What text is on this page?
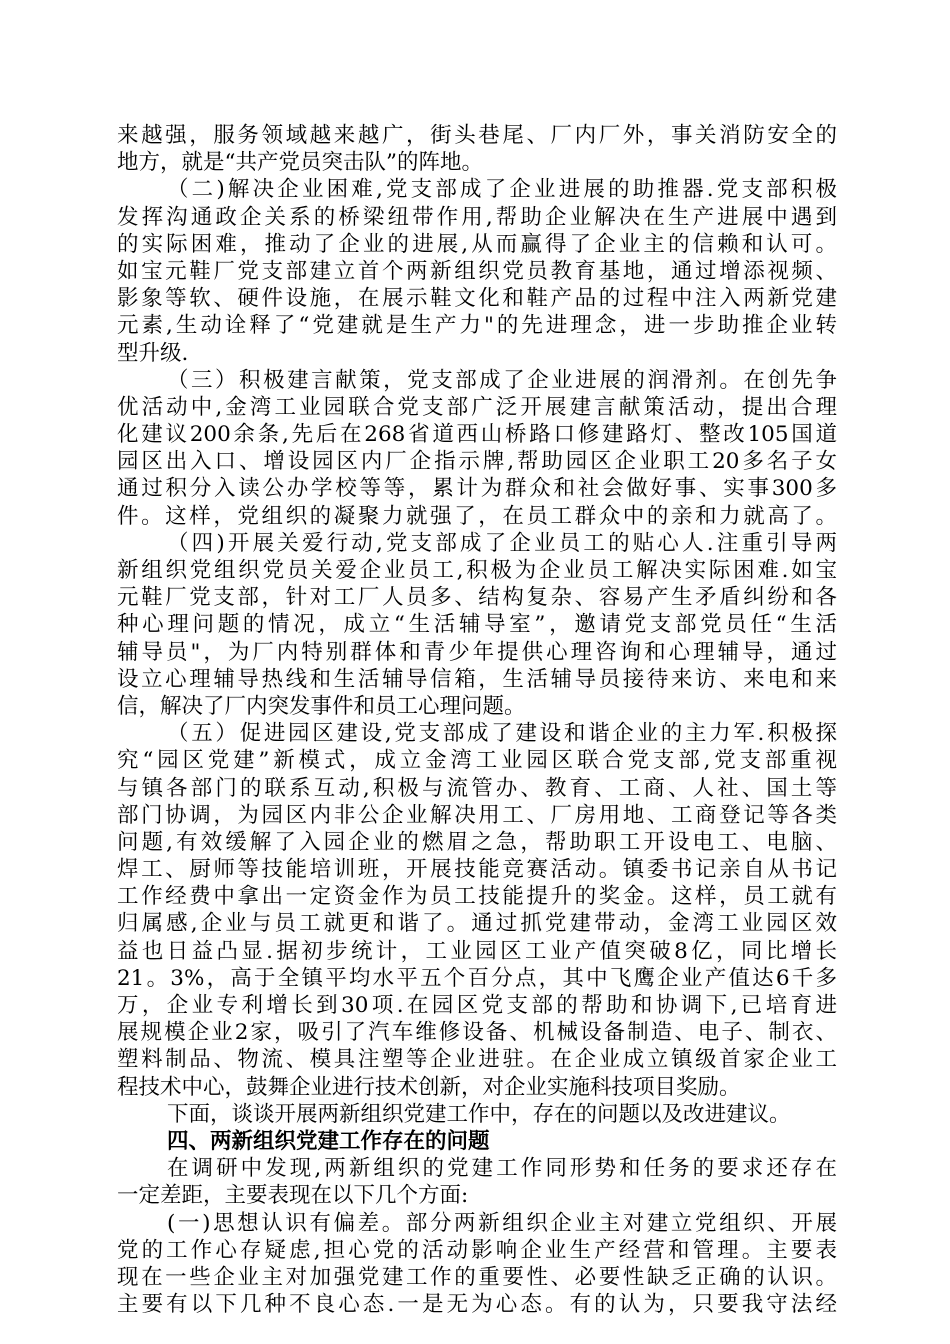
来越强，服务领域越来越广，街头巷尾、厂内厂外，事关消防安全的
地方，就是“共产党员突击队”的阵地。
（二)解决企业困难,党支部成了企业进展的助推器.党支部积极
发挥沟通政企关系的桥梁纽带作用,帮助企业解决在生产进展中遇到
的实际困难，推动了企业的进展,从而赢得了企业主的信赖和认可。
如宝元鞋厂党支部建立首个两新组织党员教育基地，通过增添视频、
影象等软、硬件设施，在展示鞋文化和鞋产品的过程中注入两新党建
元素,生动诠释了“党建就是生产力"的先进理念，进一步助推企业转
型升级.
（三）积极建言献策，党支部成了企业进展的润滑剂。在创先争
优活动中,金湾工业园联合党支部广泛开展建言献策活动，提出合理
化建议200余条,先后在268省道西山桥路口修建路灯、整改105国道
园区出入口、增设园区内厂企指示牌,帮助园区企业职工20多名子女
通过积分入读公办学校等等，累计为群众和社会做好事、实事300多
件。这样，党组织的凝聚力就强了，在员工群众中的亲和力就高了。
（四)开展关爱行动,党支部成了企业员工的贴心人.注重引导两
新组织党组织党员关爱企业员工,积极为企业员工解决实际困难.如宝
元鞋厂党支部，针对工厂人员多、结构复杂、容易产生矛盾纠纷和各
种心理问题的情况，成立“生活辅导室”，邀请党支部党员任“生活
辅导员"，为厂内特别群体和青少年提供心理咨询和心理辅导，通过
设立心理辅导热线和生活辅导信箱，生活辅导员接待来访、来电和来
信，解决了厂内突发事件和员工心理问题。
（五）促进园区建设,党支部成了建设和谐企业的主力军.积极探
究“园区党建”新模式，成立金湾工业园区联合党支部,党支部重视
与镇各部门的联系互动,积极与流管办、教育、工商、人社、国土等
部门协调，为园区内非公企业解决用工、厂房用地、工商登记等各类
问题,有效缓解了入园企业的燃眉之急，帮助职工开设电工、电脑、
焊工、厨师等技能培训班，开展技能竞赛活动。镇委书记亲自从书记
工作经费中拿出一定资金作为员工技能提升的奖金。这样，员工就有
归属感,企业与员工就更和谐了。通过抓党建带动，金湾工业园区效
益也日益凸显.据初步统计，工业园区工业产值突破8亿，同比增长
21。3%，高于全镇平均水平五个百分点，其中飞鹰企业产值达6千多
万，企业专利增长到30项.在园区党支部的帮助和协调下,已培育进
展规模企业2家，吸引了汽车维修设备、机械设备制造、电子、制衣、
塑料制品、物流、模具注塑等企业进驻。在企业成立镇级首家企业工
程技术中心，鼓舞企业进行技术创新，对企业实施科技项目奖励。
下面，谈谈开展两新组织党建工作中，存在的问题以及改进建议。
四、两新组织党建工作存在的问题
在调研中发现,两新组织的党建工作同形势和任务的要求还存在
一定差距，主要表现在以下几个方面:
(一)思想认识有偏差。部分两新组织企业主对建立党组织、开展
党的工作心存疑虑,担心党的活动影响企业生产经营和管理。主要表
现在一些企业主对加强党建工作的重要性、必要性缺乏正确的认识。
主要有以下几种不良心态.一是无为心态。有的认为，只要我守法经
